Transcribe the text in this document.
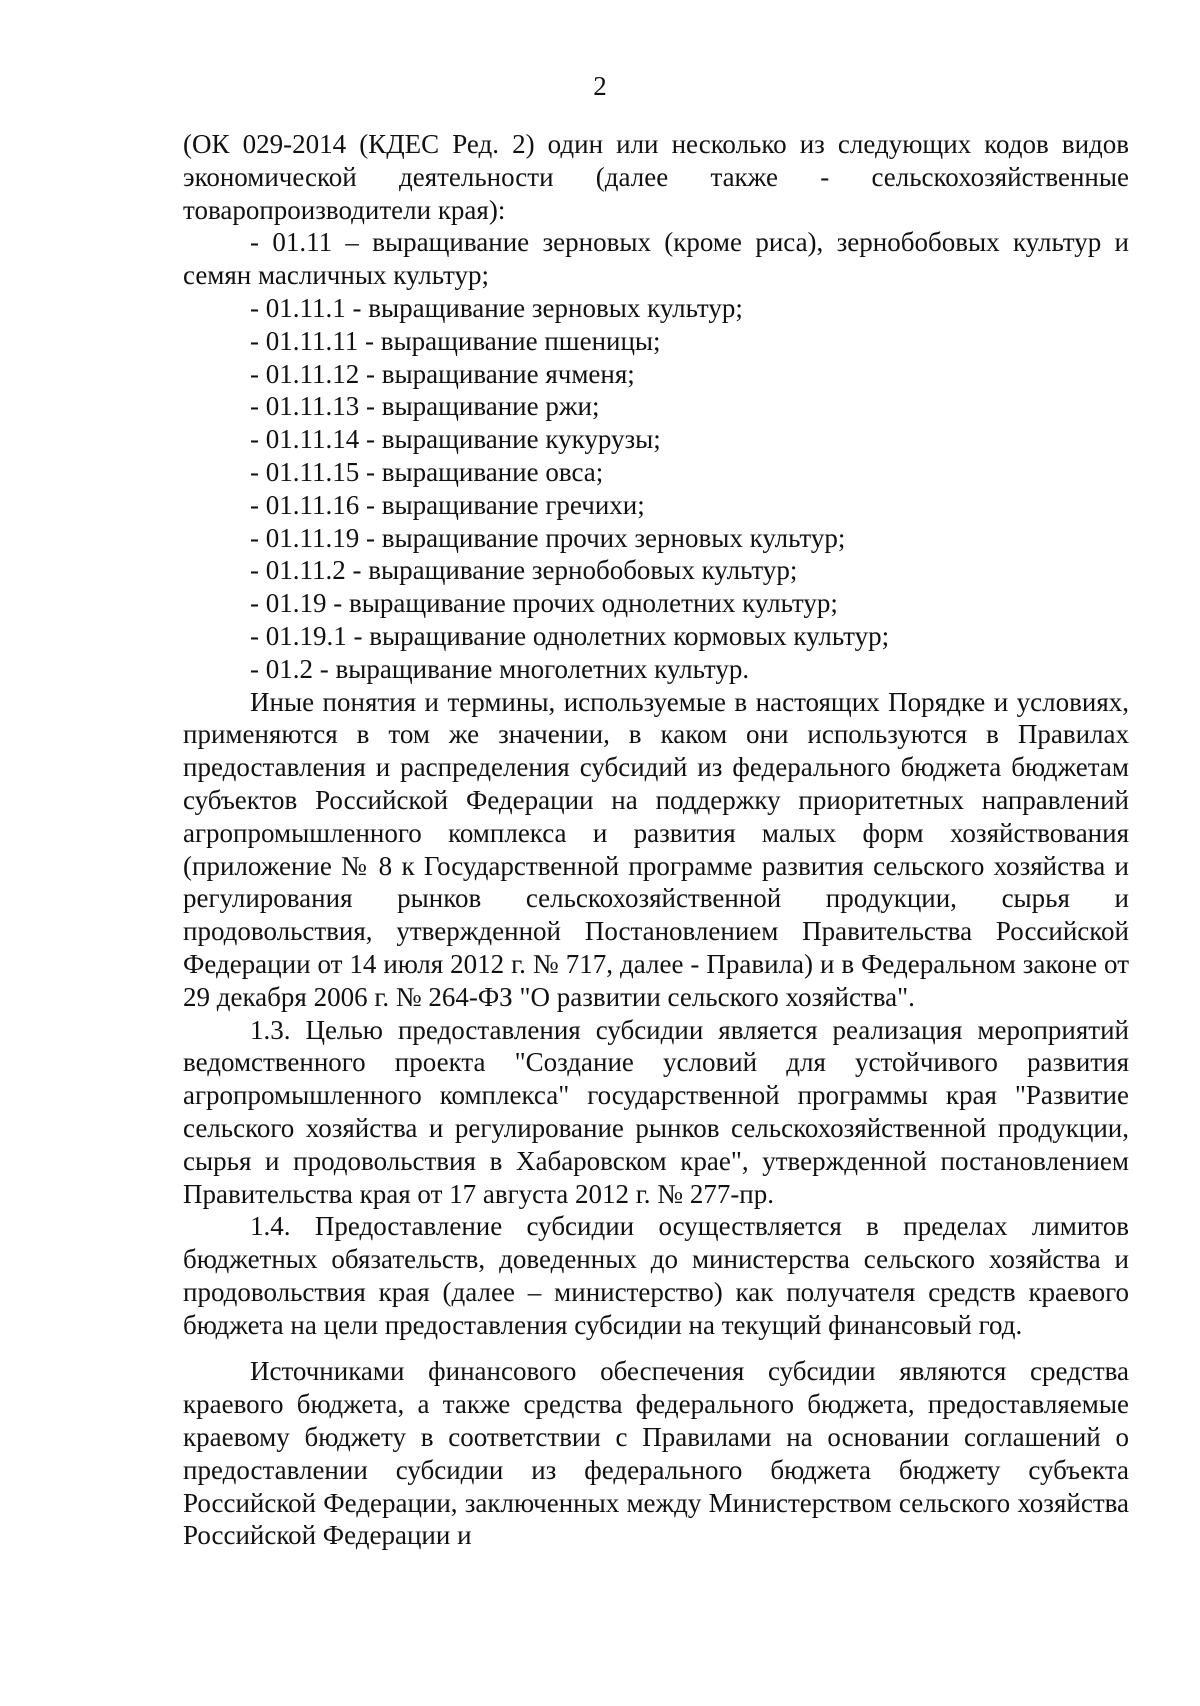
2

(ОК 029-2014 (КДЕС Ред. 2) один или несколько из следующих кодов видов экономической деятельности (далее также - сельскохозяйственные товаропроизводители края):

- 01.11 – выращивание зерновых (кроме риса), зернобобовых культур и семян масличных культур;
- 01.11.1 - выращивание зерновых культур;
- 01.11.11 - выращивание пшеницы;
- 01.11.12 - выращивание ячменя;
- 01.11.13 - выращивание ржи;
- 01.11.14 - выращивание кукурузы;
- 01.11.15 - выращивание овса;
- 01.11.16 - выращивание гречихи;
- 01.11.19 - выращивание прочих зерновых культур;
- 01.11.2 - выращивание зернобобовых культур;
- 01.19 - выращивание прочих однолетних культур;
- 01.19.1 - выращивание однолетних кормовых культур;
- 01.2 - выращивание многолетних культур.

Иные понятия и термины, используемые в настоящих Порядке и условиях, применяются в том же значении, в каком они используются в Правилах предоставления и распределения субсидий из федерального бюджета бюджетам субъектов Российской Федерации на поддержку приоритетных направлений агропромышленного комплекса и развития малых форм хозяйствования (приложение № 8 к Государственной программе развития сельского хозяйства и регулирования рынков сельскохозяйственной продукции, сырья и продовольствия, утвержденной Постановлением Правительства Российской Федерации от 14 июля 2012 г. № 717, далее - Правила) и в Федеральном законе от 29 декабря 2006 г. № 264-ФЗ "О развитии сельского хозяйства".

1.3. Целью предоставления субсидии является реализация мероприятий ведомственного проекта "Создание условий для устойчивого развития агропромышленного комплекса" государственной программы края "Развитие сельского хозяйства и регулирование рынков сельскохозяйственной продукции, сырья и продовольствия в Хабаровском крае", утвержденной постановлением Правительства края от 17 августа 2012 г. № 277-пр.

1.4. Предоставление субсидии осуществляется в пределах лимитов бюджетных обязательств, доведенных до министерства сельского хозяйства и продовольствия края (далее – министерство) как получателя средств краевого бюджета на цели предоставления субсидии на текущий финансовый год.

Источниками финансового обеспечения субсидии являются средства краевого бюджета, а также средства федерального бюджета, предоставляемые краевому бюджету в соответствии с Правилами на основании соглашений о предоставлении субсидии из федерального бюджета бюджету субъекта Российской Федерации, заключенных между Министерством сельского хозяйства Российской Федерации и
